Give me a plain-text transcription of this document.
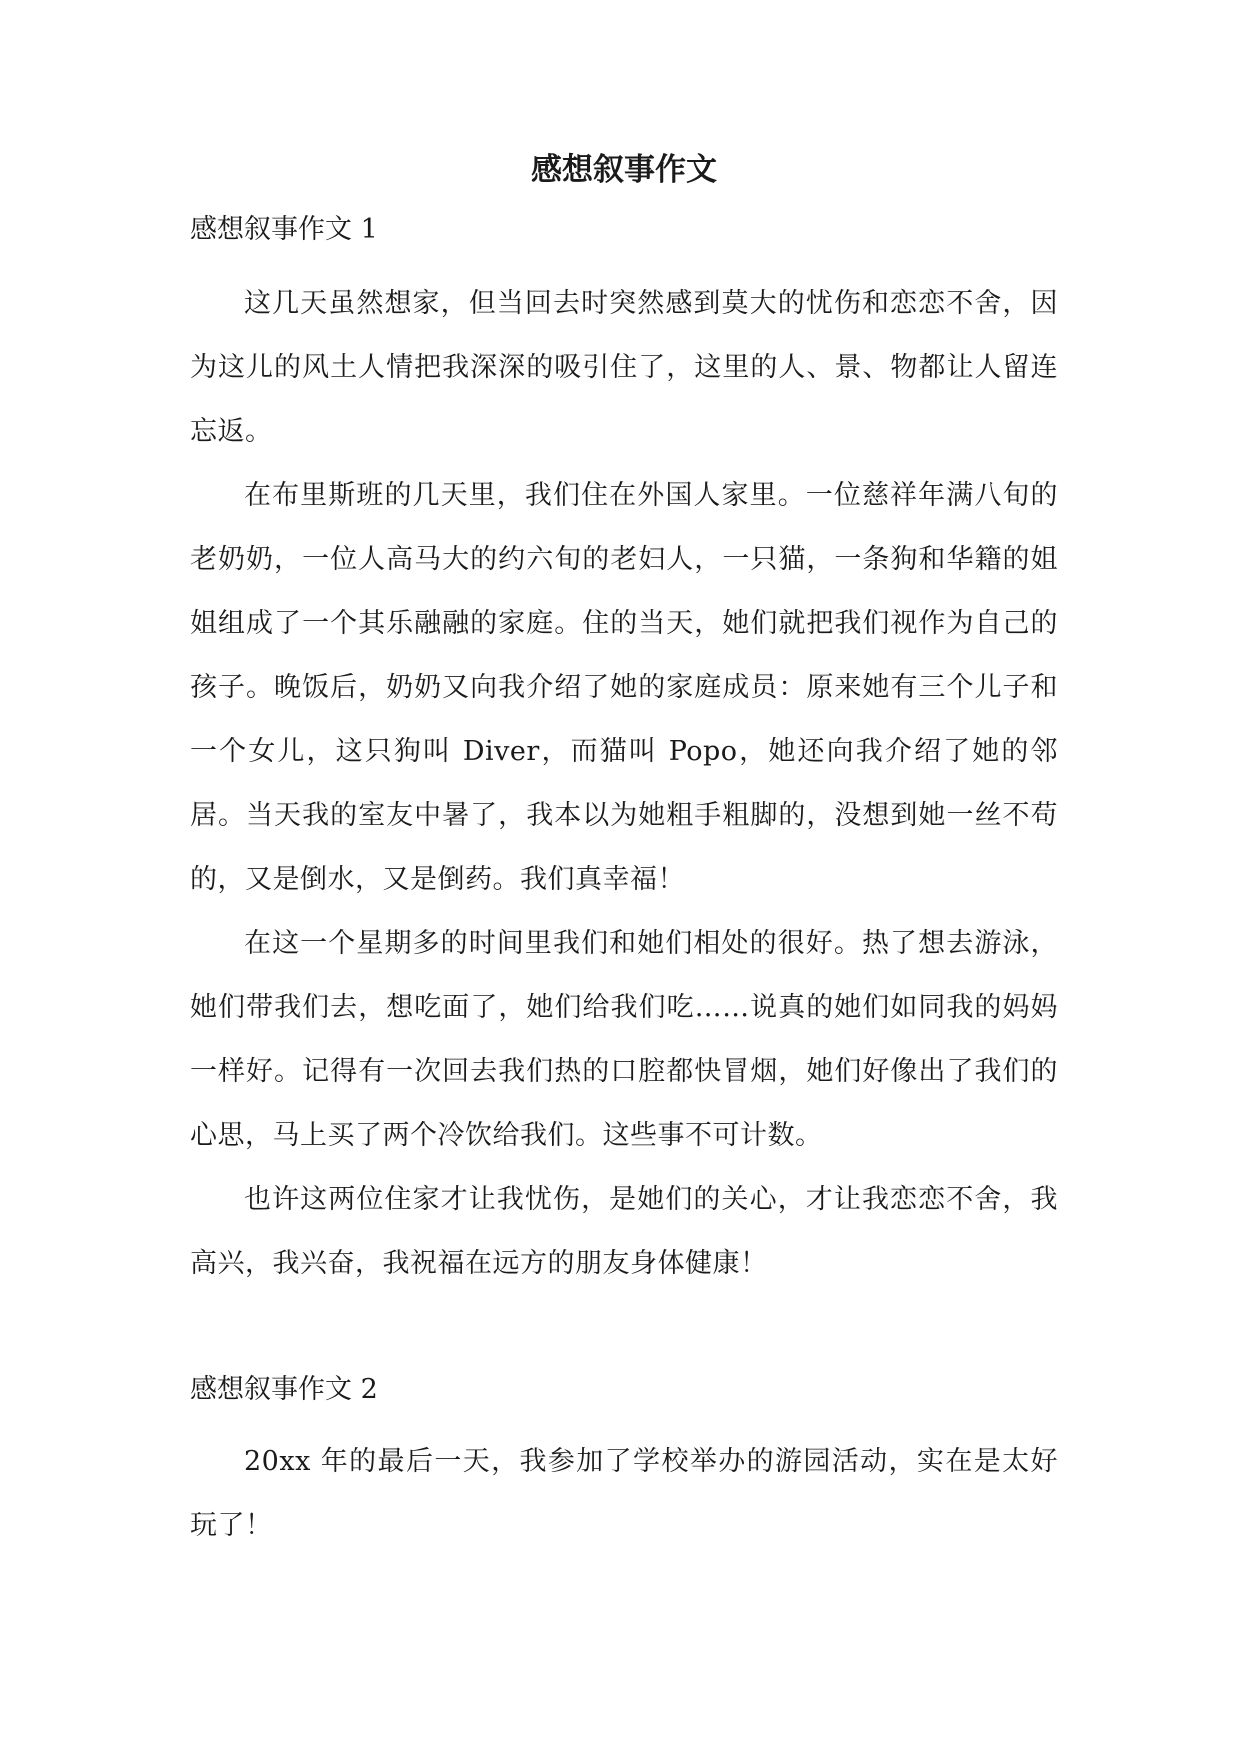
感想叙事作文
感想叙事作文 1

这几天虽然想家，但当回去时突然感到莫大的忧伤和恋恋不舍，因为这儿的风土人情把我深深的吸引住了，这里的人、景、物都让人留连忘返。

在布里斯班的几天里，我们住在外国人家里。一位慈祥年满八旬的老奶奶，一位人高马大的约六旬的老妇人，一只猫，一条狗和华籍的姐姐组成了一个其乐融融的家庭。住的当天，她们就把我们视作为自己的孩子。晚饭后，奶奶又向我介绍了她的家庭成员：原来她有三个儿子和一个女儿，这只狗叫 Diver，而猫叫 Popo，她还向我介绍了她的邻居。当天我的室友中暑了，我本以为她粗手粗脚的，没想到她一丝不苟的，又是倒水，又是倒药。我们真幸福！

在这一个星期多的时间里我们和她们相处的很好。热了想去游泳，她们带我们去，想吃面了，她们给我们吃……说真的她们如同我的妈妈一样好。记得有一次回去我们热的口腔都快冒烟，她们好像出了我们的心思，马上买了两个冷饮给我们。这些事不可计数。

也许这两位住家才让我忧伤，是她们的关心，才让我恋恋不舍，我高兴，我兴奋，我祝福在远方的朋友身体健康！

感想叙事作文 2

20xx 年的最后一天，我参加了学校举办的游园活动，实在是太好玩了！
